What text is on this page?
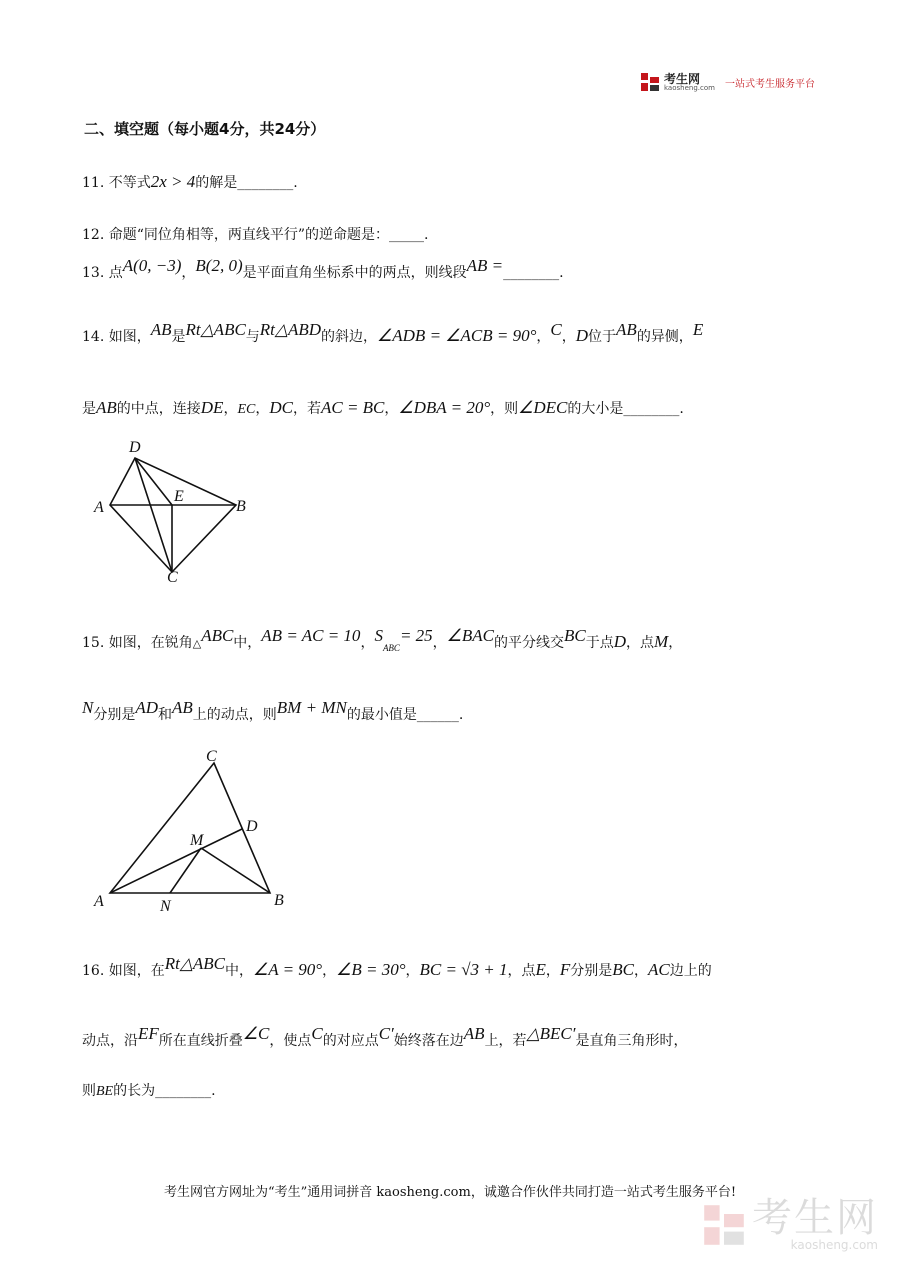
考生网
kaosheng.com 一站式考生服务平台
二、填空题（每小题4分，共24分）
11. 不等式2x > 4的解是________.
12. 命题“同位角相等，两直线平行”的逆命题是：_____.
13. 点A(0, −3)，B(2, 0)是平面直角坐标系中的两点，则线段AB =________.
14. 如图，AB是Rt△ABC与Rt△ABD的斜边，∠ADB = ∠ACB = 90°，C，D位于AB的异侧，E
是AB的中点，连接DE，EC，DC，若AC = BC，∠DBA = 20°，则∠DEC的大小是________.
D
A
E
B
C
15. 如图，在锐角△ABC中，AB = AC = 10，$S_{ABC}= 25$，∠BAC的平分线交BC于点D，点M，
N分别是AD和AB上的动点，则BM + MN的最小值是______.
C
D
M
A	N	B
16. 如图，在Rt△ABC中，∠A = 90°，∠B = 30°，BC = √3 + 1，点E，F分别是BC，AC边上的
动点，沿EF所在直线折叠∠C，使点C的对应点C′始终落在边AB上，若△BEC′是直角三角形时，
则BE的长为________.
考生网官方网址为“考生”通用词拼音 kaosheng.com，诚邀合作伙伴共同打造一站式考生服务平台!
考生网
kaosheng.com
